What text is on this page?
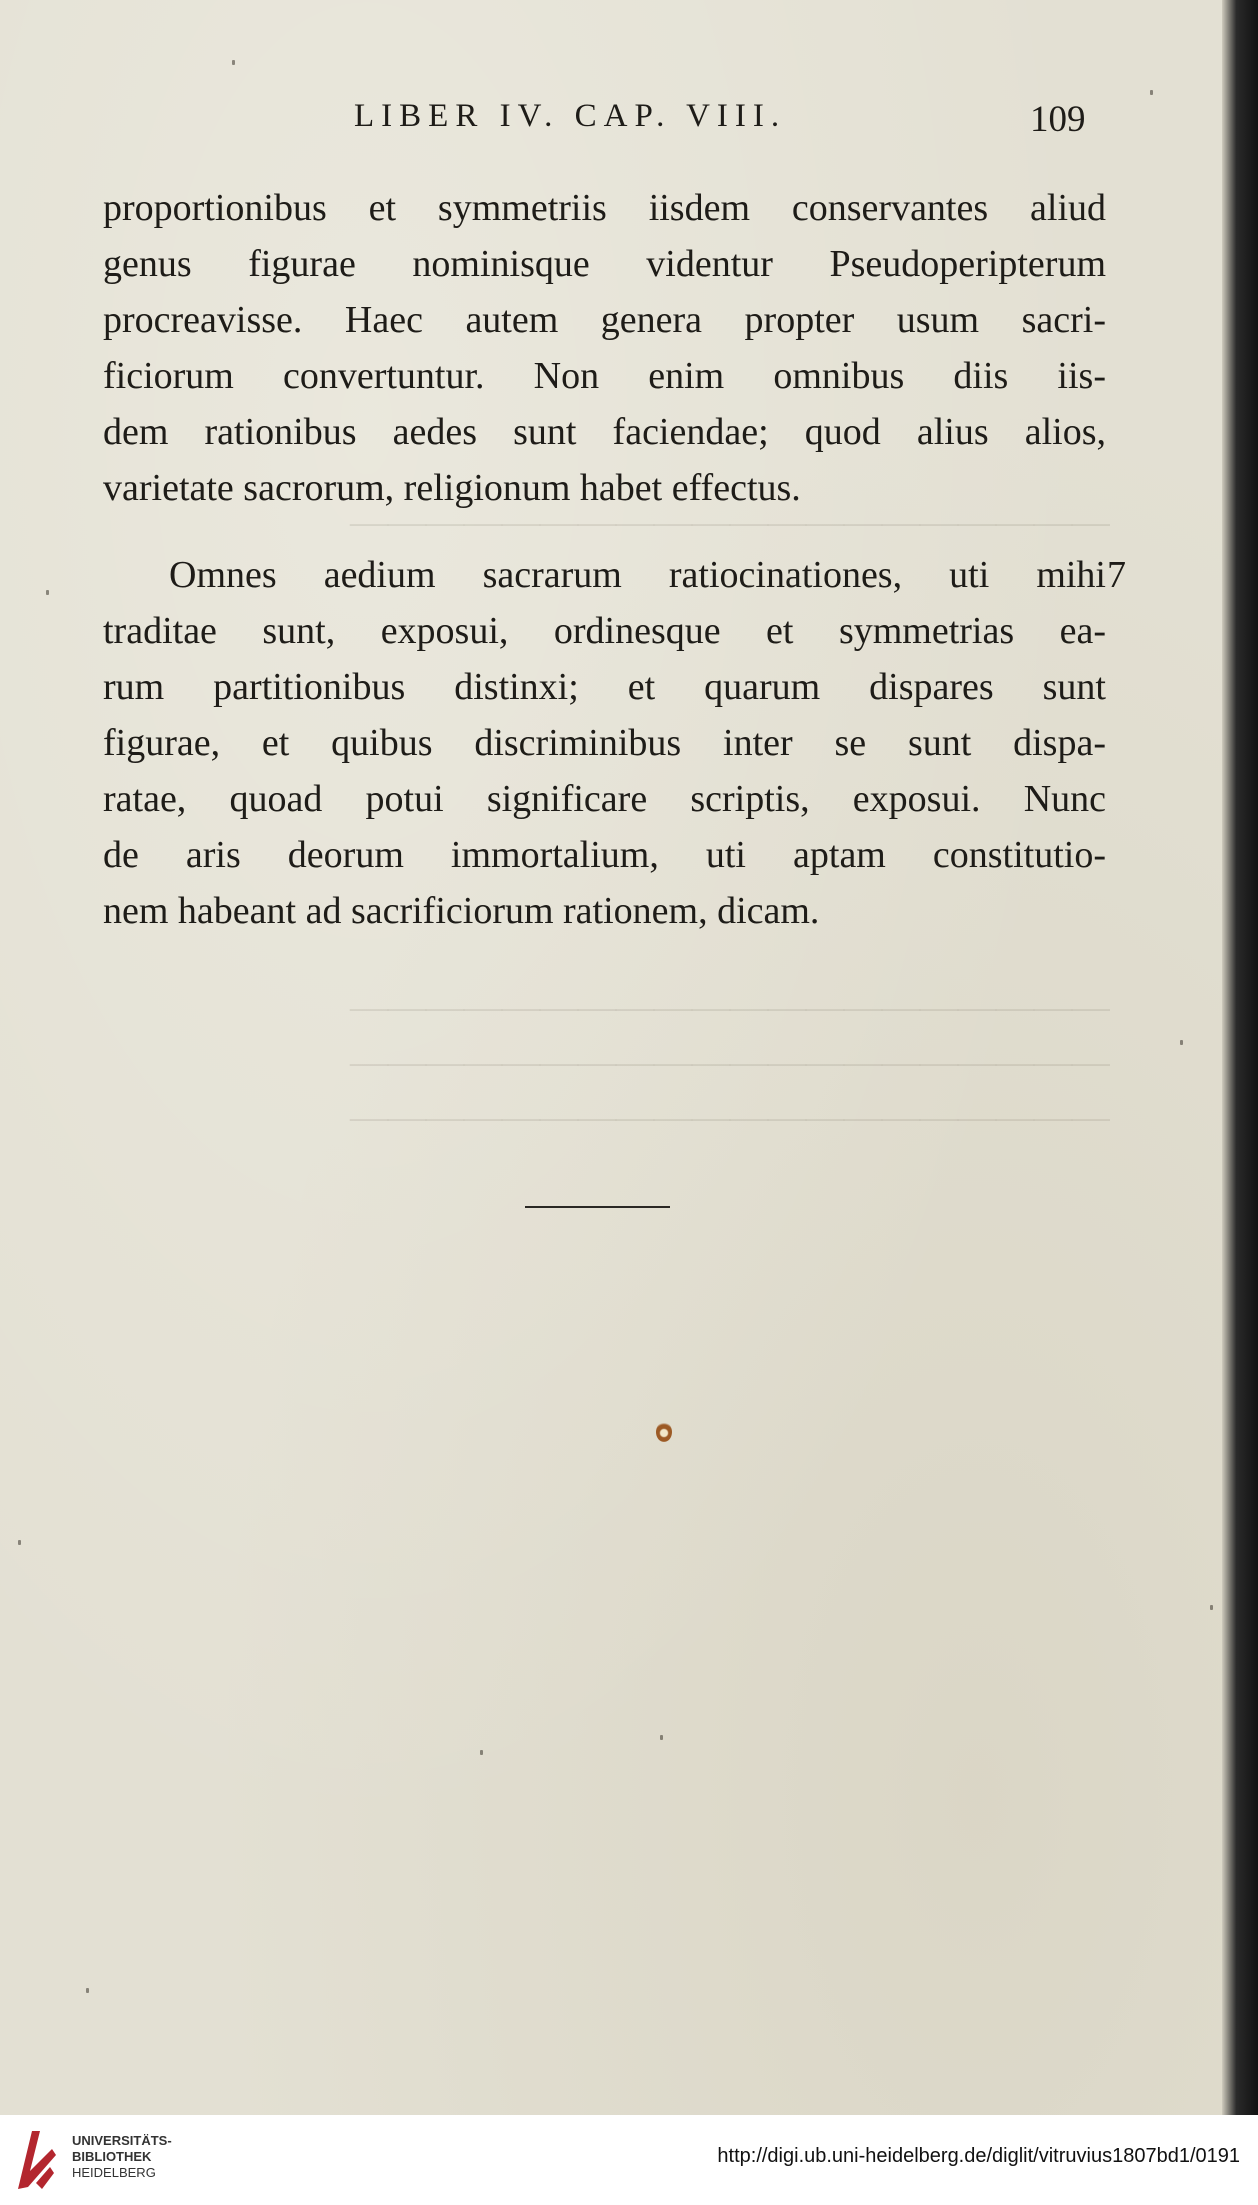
————————————————————
————————————————————
————————————————————
————————————————————
LIBER IV. CAP. VIII.	109
proportionibus et symmetriis iisdem conservantes aliud
genus figurae nominisque videntur Pseudoperipterum
procreavisse. Haec autem genera propter usum sacri-
ficiorum convertuntur. Non enim omnibus diis iis-
dem rationibus aedes sunt faciendae; quod alius alios,
varietate sacrorum, religionum habet effectus.
Omnes aedium sacrarum ratiocinationes, uti mihi
traditae sunt, exposui, ordinesque et symmetrias ea-
rum partitionibus distinxi; et quarum dispares sunt
figurae, et quibus discriminibus inter se sunt dispa-
ratae, quoad potui significare scriptis, exposui. Nunc
de aris deorum immortalium, uti aptam constitutio-
nem habeant ad sacrificiorum rationem, dicam.
7
UNIVERSITÄTS-
BIBLIOTHEK
HEIDELBERG
http://digi.ub.uni-heidelberg.de/diglit/vitruvius1807bd1/0191
